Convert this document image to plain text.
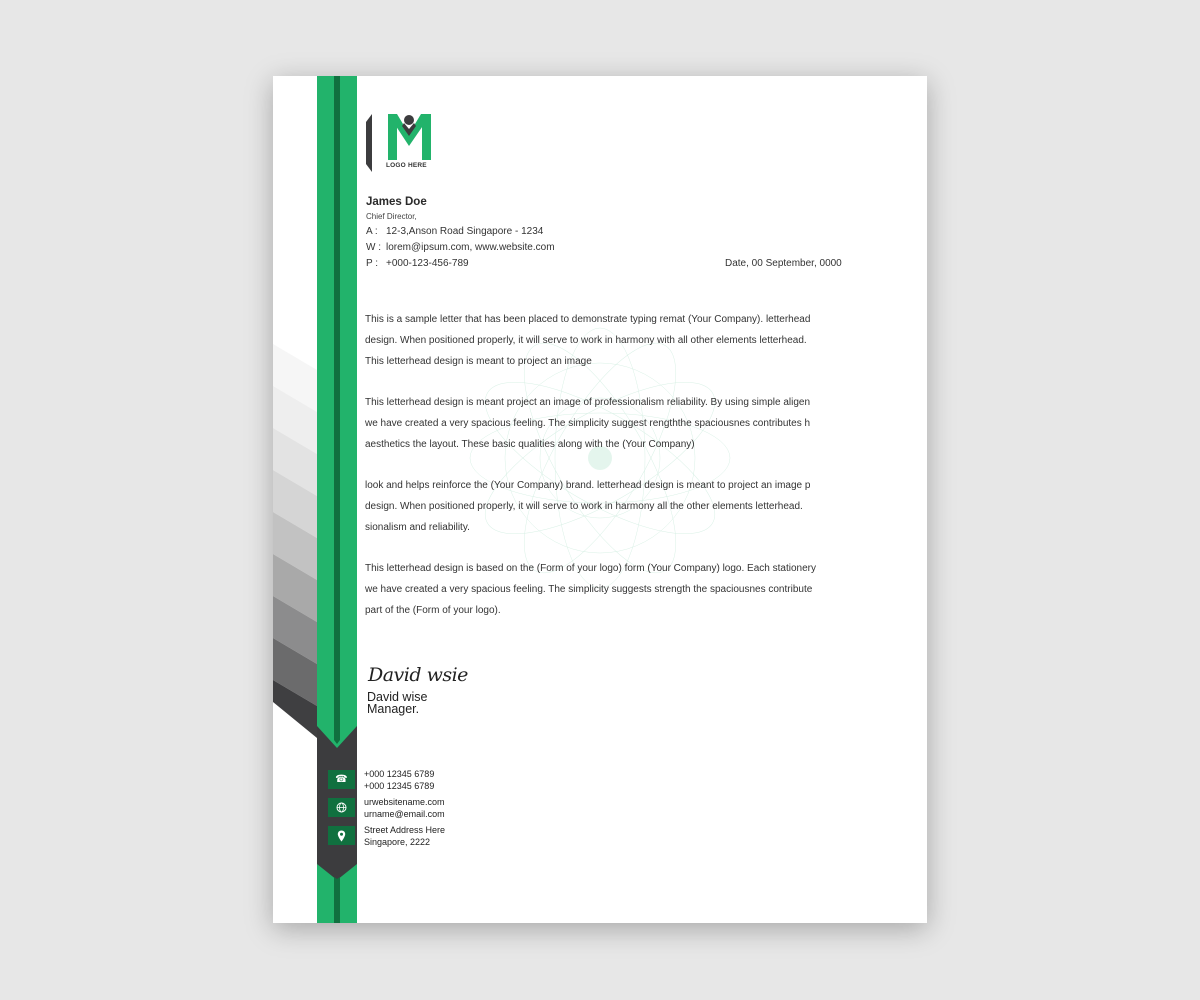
LOGO HERE
James Doe
Chief Director,
A : 12-3,Anson Road Singapore - 1234
W : lorem@ipsum.com, www.website.com
P : +000-123-456-789	Date, 00 September, 0000
This is a sample letter that has been placed to demonstrate typing remat (Your Company). letterhead
design. When positioned properly, it will serve to work in harmony with all other elements letterhead.
This letterhead design is meant to project an image
This letterhead design is meant project an image of professionalism reliability. By using simple aligen
we have created a very spacious feeling. The simplicity suggest rengththe spaciousnes contributes h
aesthetics the layout. These basic qualities along with the (Your Company)
look and helps reinforce the (Your Company) brand. letterhead design is meant to project an image p
design. When positioned properly, it will serve to work in harmony all the other elements letterhead.
sionalism and reliability.
This letterhead design is based on the (Form of your logo) form (Your Company) logo. Each stationery
we have created a very spacious feeling. The simplicity suggests strength the spaciousnes contribute
part of the (Form of your logo).
David wsie
David wise
Manager.
☎	+000 12345 6789
+000 12345 6789
urwebsitename.com
urname@email.com
Street Address Here
Singapore, 2222
